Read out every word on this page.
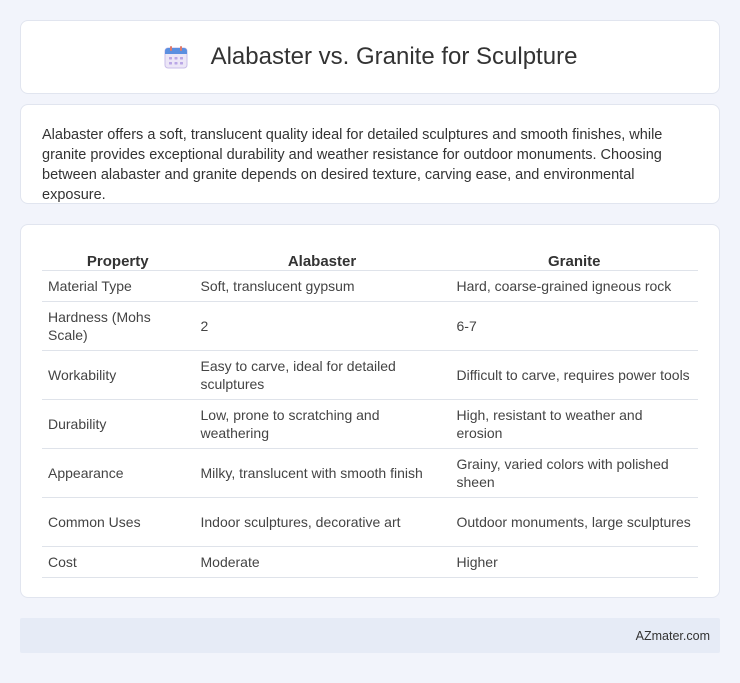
Alabaster vs. Granite for Sculpture

Alabaster offers a soft, translucent quality ideal for detailed sculptures and smooth finishes, while granite provides exceptional durability and weather resistance for outdoor monuments. Choosing between alabaster and granite depends on desired texture, carving ease, and environmental exposure.

Property	Alabaster	Granite
Material Type	Soft, translucent gypsum	Hard, coarse-grained igneous rock
Hardness (Mohs Scale)	2	6-7
Workability	Easy to carve, ideal for detailed sculptures	Difficult to carve, requires power tools
Durability	Low, prone to scratching and weathering	High, resistant to weather and erosion
Appearance	Milky, translucent with smooth finish	Grainy, varied colors with polished sheen
Common Uses	Indoor sculptures, decorative art	Outdoor monuments, large sculptures
Cost	Moderate	Higher
AZmater.com
